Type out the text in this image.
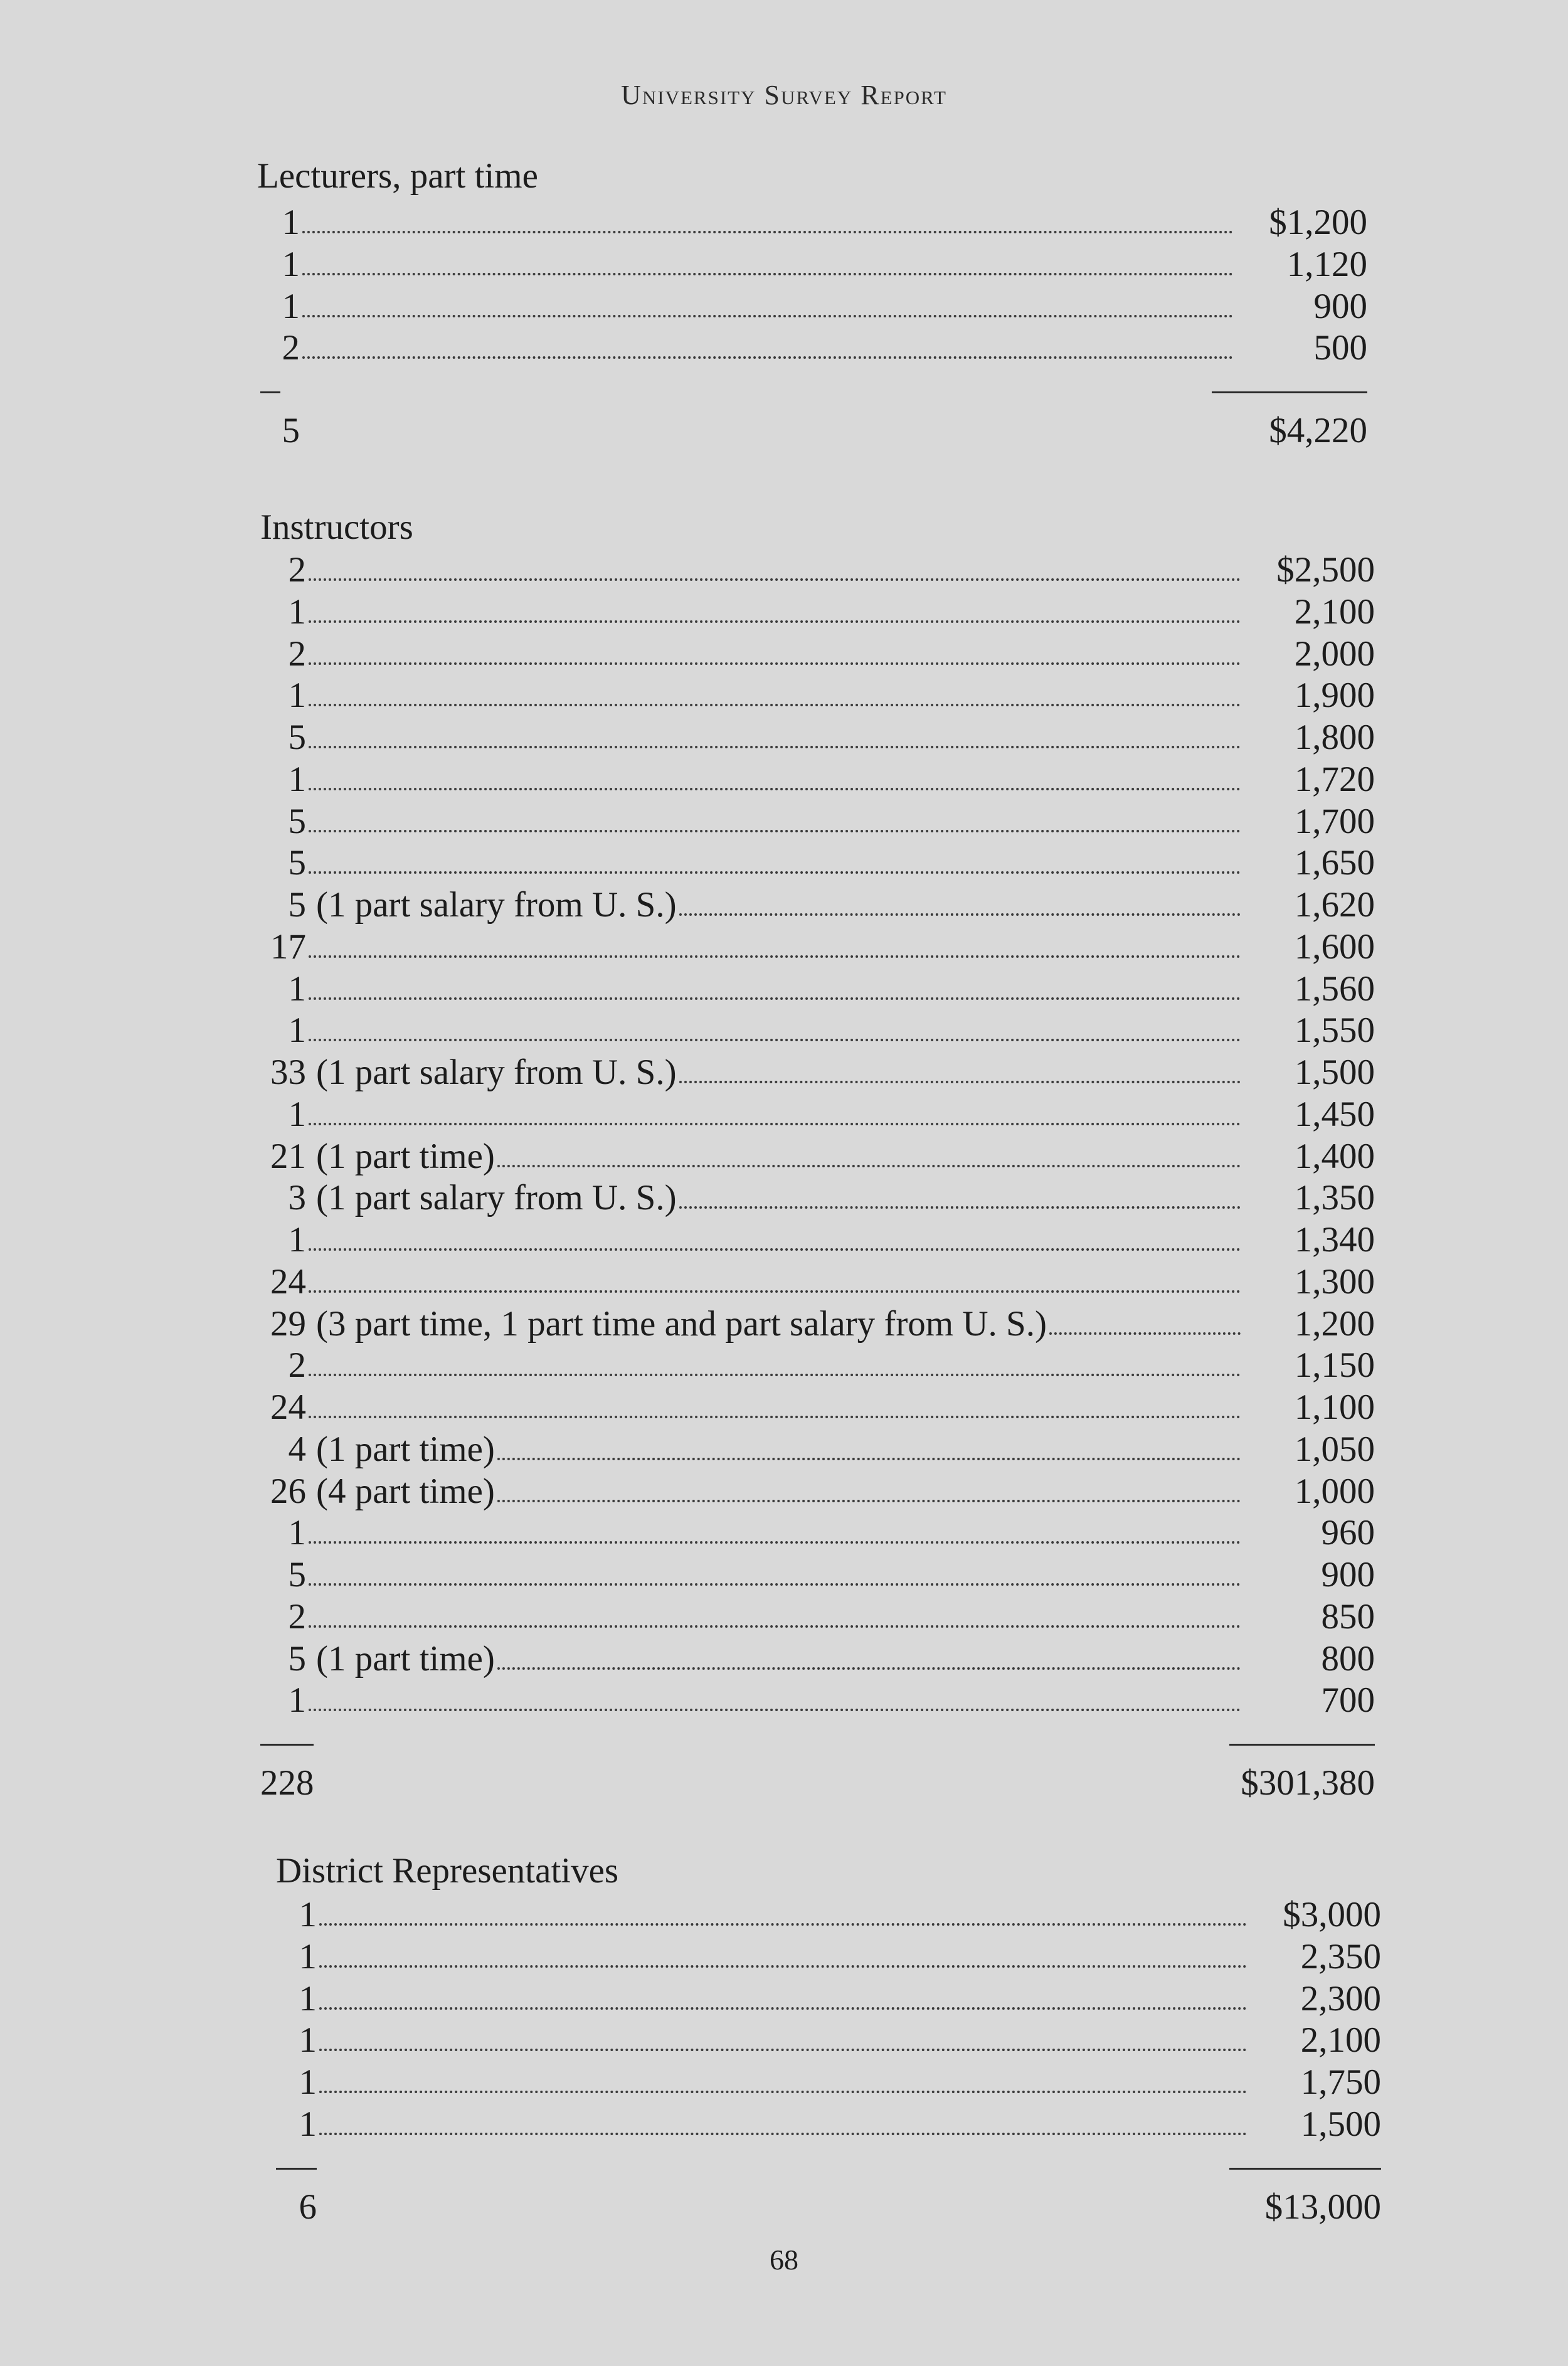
University Survey Report
Lecturers, part time
1	$1,200
1	1,120
1	900
2	500
5	$4,220
Instructors
2	$2,500
1	2,100
2	2,000
1	1,900
5	1,800
1	1,720
5	1,700
5	1,650
5 (1 part salary from U. S.)	1,620
17	1,600
1	1,560
1	1,550
33 (1 part salary from U. S.)	1,500
1	1,450
21 (1 part time)	1,400
3 (1 part salary from U. S.)	1,350
1	1,340
24	1,300
29 (3 part time, 1 part time and part salary from U. S.)	1,200
2	1,150
24	1,100
4 (1 part time)	1,050
26 (4 part time)	1,000
1	960
5	900
2	850
5 (1 part time)	800
1	700
228	$301,380
District Representatives
1	$3,000
1	2,350
1	2,300
1	2,100
1	1,750
1	1,500
6	$13,000
68
